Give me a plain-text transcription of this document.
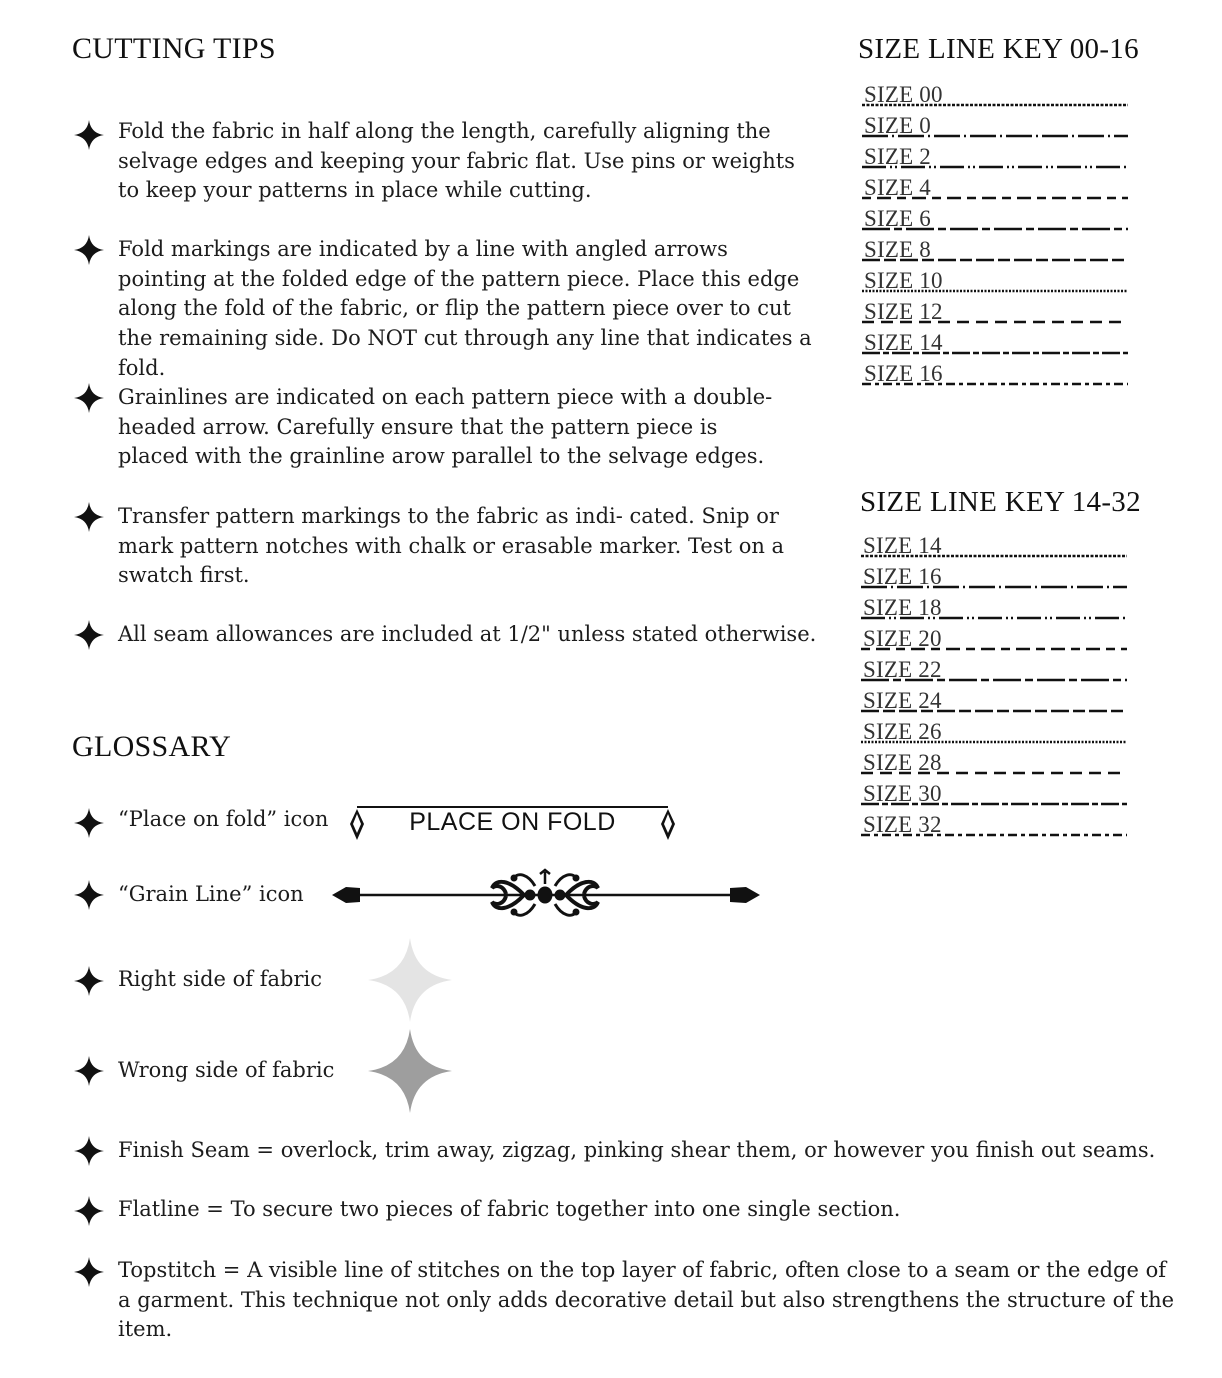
CUTTING TIPS

Fold the fabric in half along the length, carefully aligning the selvage edges and keeping your fabric flat. Use pins or weights to keep your patterns in place while cutting.

Fold markings are indicated by a line with angled arrows pointing at the folded edge of the pattern piece. Place this edge along the fold of the fabric, or flip the pattern piece over to cut the remaining side. Do NOT cut through any line that indicates a fold.

Grainlines are indicated on each pattern piece with a double-headed arrow. Carefully ensure that the pattern piece is placed with the grainline arow parallel to the selvage edges.

Transfer pattern markings to the fabric as indi- cated. Snip or mark pattern notches with chalk or erasable marker. Test on a swatch first.

All seam allowances are included at 1/2" unless stated otherwise.

GLOSSARY
“Place on fold” icon	PLACE ON FOLD
“Grain Line” icon
Right side of fabric
Wrong side of fabric

Finish Seam = overlock, trim away, zigzag, pinking shear them, or however you finish out seams.

Flatline = To secure two pieces of fabric together into one single section.

Topstitch = A visible line of stitches on the top layer of fabric, often close to a seam or the edge of a garment. This technique not only adds decorative detail but also strengthens the structure of the item.

SIZE LINE KEY 00-16
SIZE 00
SIZE 0
SIZE 2
SIZE 4
SIZE 6
SIZE 8
SIZE 10
SIZE 12
SIZE 14
SIZE 16
SIZE LINE KEY 14-32
SIZE 14
SIZE 16
SIZE 18
SIZE 20
SIZE 22
SIZE 24
SIZE 26
SIZE 28
SIZE 30
SIZE 32
